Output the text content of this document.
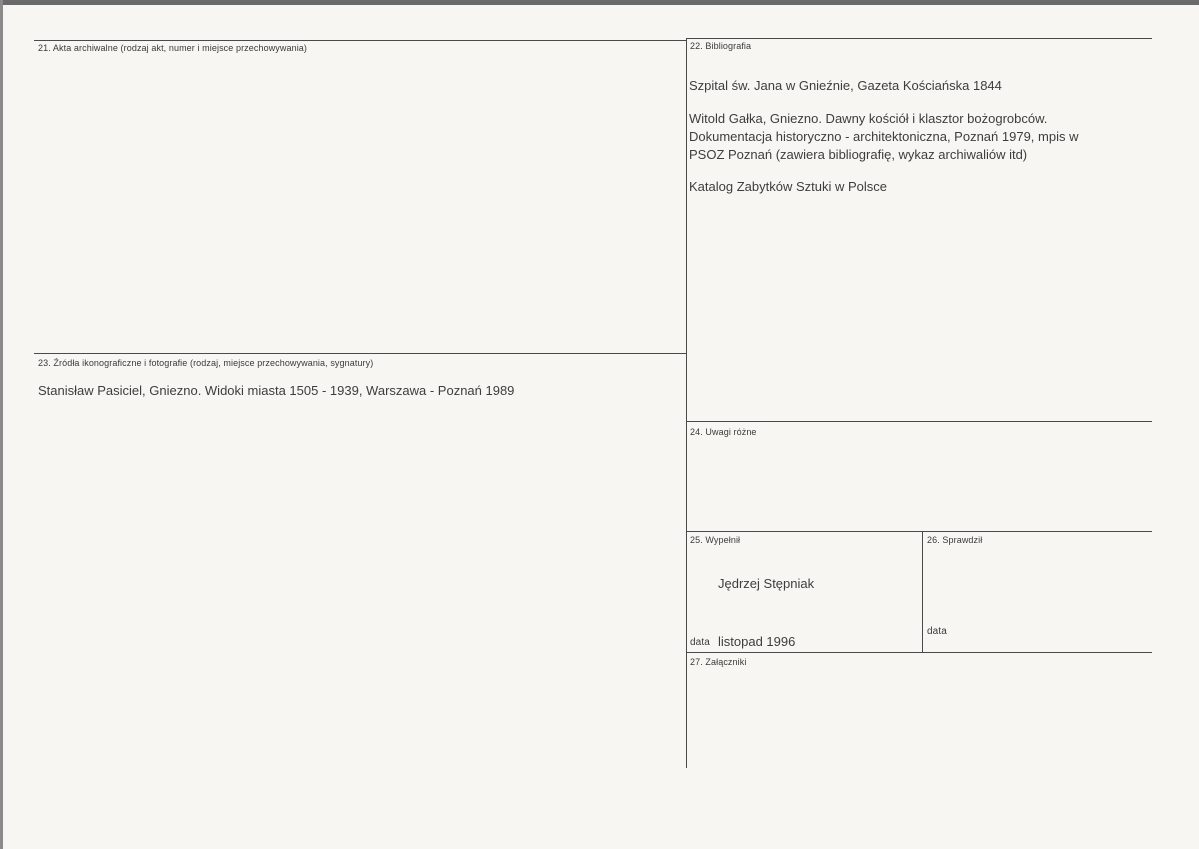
21. Akta archiwalne (rodzaj akt, numer i miejsce przechowywania)	22. Bibliografia
Szpital św. Jana w Gnieźnie, Gazeta Kościańska 1844
Witold Gałka, Gniezno. Dawny kościół i klasztor bożogrobców.
Dokumentacja historyczno - architektoniczna, Poznań 1979, mpis w
PSOZ Poznań (zawiera bibliografię, wykaz archiwaliów itd)
Katalog Zabytków Sztuki w Polsce
23. Źródła ikonograficzne i fotografie (rodzaj, miejsce przechowywania, sygnatury)
Stanisław Pasiciel, Gniezno. Widoki miasta 1505 - 1939, Warszawa - Poznań 1989
24. Uwagi różne
25. Wypełnił
Jędrzej Stępniak
data listopad 1996
26. Sprawdził
data
27. Załączniki
